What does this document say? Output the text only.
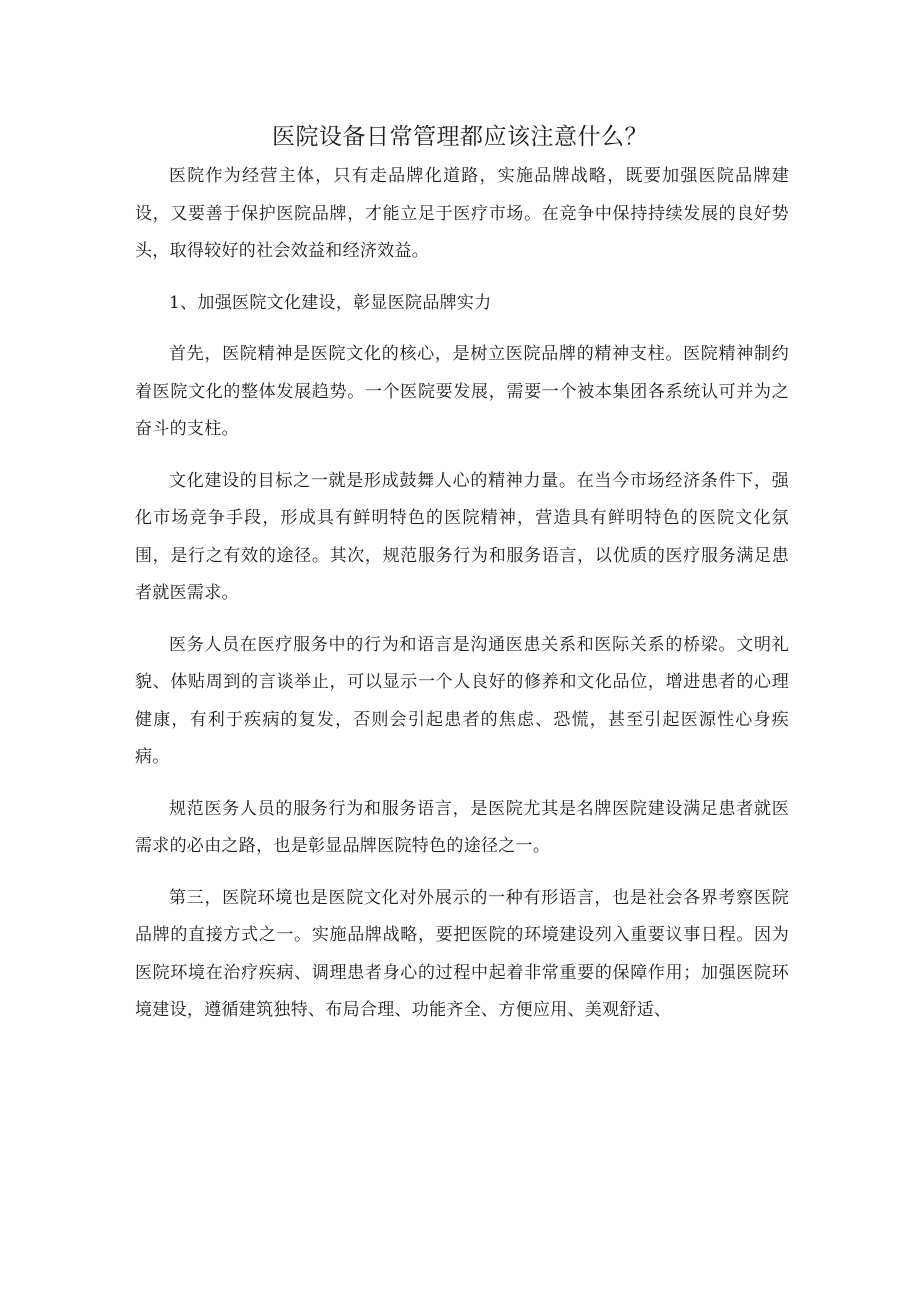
医院设备日常管理都应该注意什么？

医院作为经营主体，只有走品牌化道路，实施品牌战略，既要加强医院品牌建设，又要善于保护医院品牌，才能立足于医疗市场。在竞争中保持持续发展的良好势头，取得较好的社会效益和经济效益。

1、加强医院文化建设，彰显医院品牌实力

首先，医院精神是医院文化的核心，是树立医院品牌的精神支柱。医院精神制约着医院文化的整体发展趋势。一个医院要发展，需要一个被本集团各系统认可并为之奋斗的支柱。

文化建设的目标之一就是形成鼓舞人心的精神力量。在当今市场经济条件下，强化市场竞争手段，形成具有鲜明特色的医院精神，营造具有鲜明特色的医院文化氛围，是行之有效的途径。其次，规范服务行为和服务语言，以优质的医疗服务满足患者就医需求。

医务人员在医疗服务中的行为和语言是沟通医患关系和医际关系的桥梁。文明礼貌、体贴周到的言谈举止，可以显示一个人良好的修养和文化品位，增进患者的心理健康，有利于疾病的复发，否则会引起患者的焦虑、恐慌，甚至引起医源性心身疾病。

规范医务人员的服务行为和服务语言，是医院尤其是名牌医院建设满足患者就医需求的必由之路，也是彰显品牌医院特色的途径之一。

第三，医院环境也是医院文化对外展示的一种有形语言，也是社会各界考察医院品牌的直接方式之一。实施品牌战略，要把医院的环境建设列入重要议事日程。因为医院环境在治疗疾病、调理患者身心的过程中起着非常重要的保障作用；加强医院环境建设，遵循建筑独特、布局合理、功能齐全、方便应用、美观舒适、
